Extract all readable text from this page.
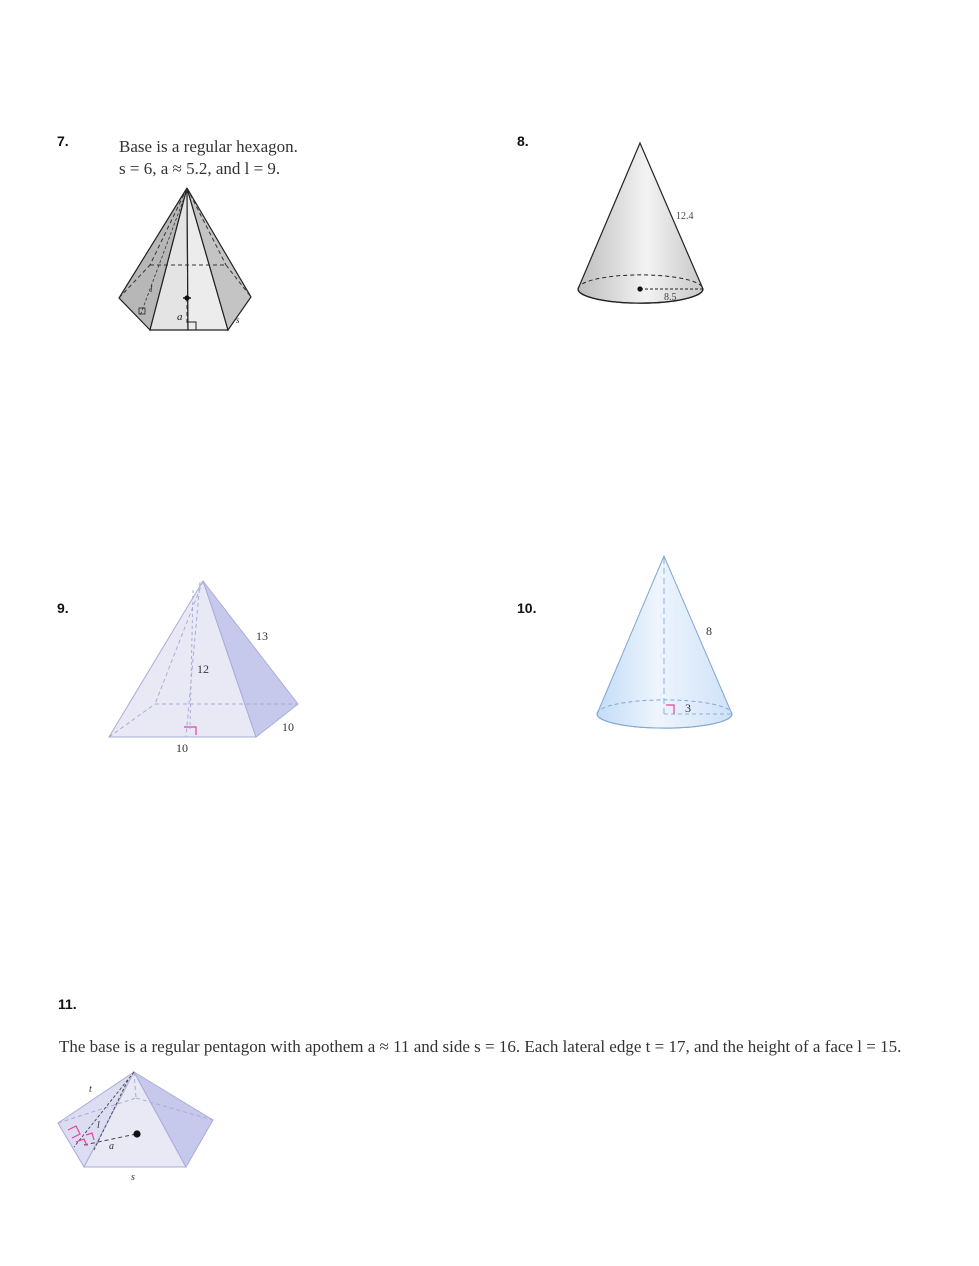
7.	Base is a regular hexagon.
s = 6, a ≈ 5.2, and l = 9.
a	s
l
8.
12.4
8.5
9.
13
12
10
10
10.
8
3
11.
The base is a regular pentagon with apothem a ≈ 11 and side s = 16. Each lateral edge t = 17, and the height of a face l = 15.
t
l
a
s
